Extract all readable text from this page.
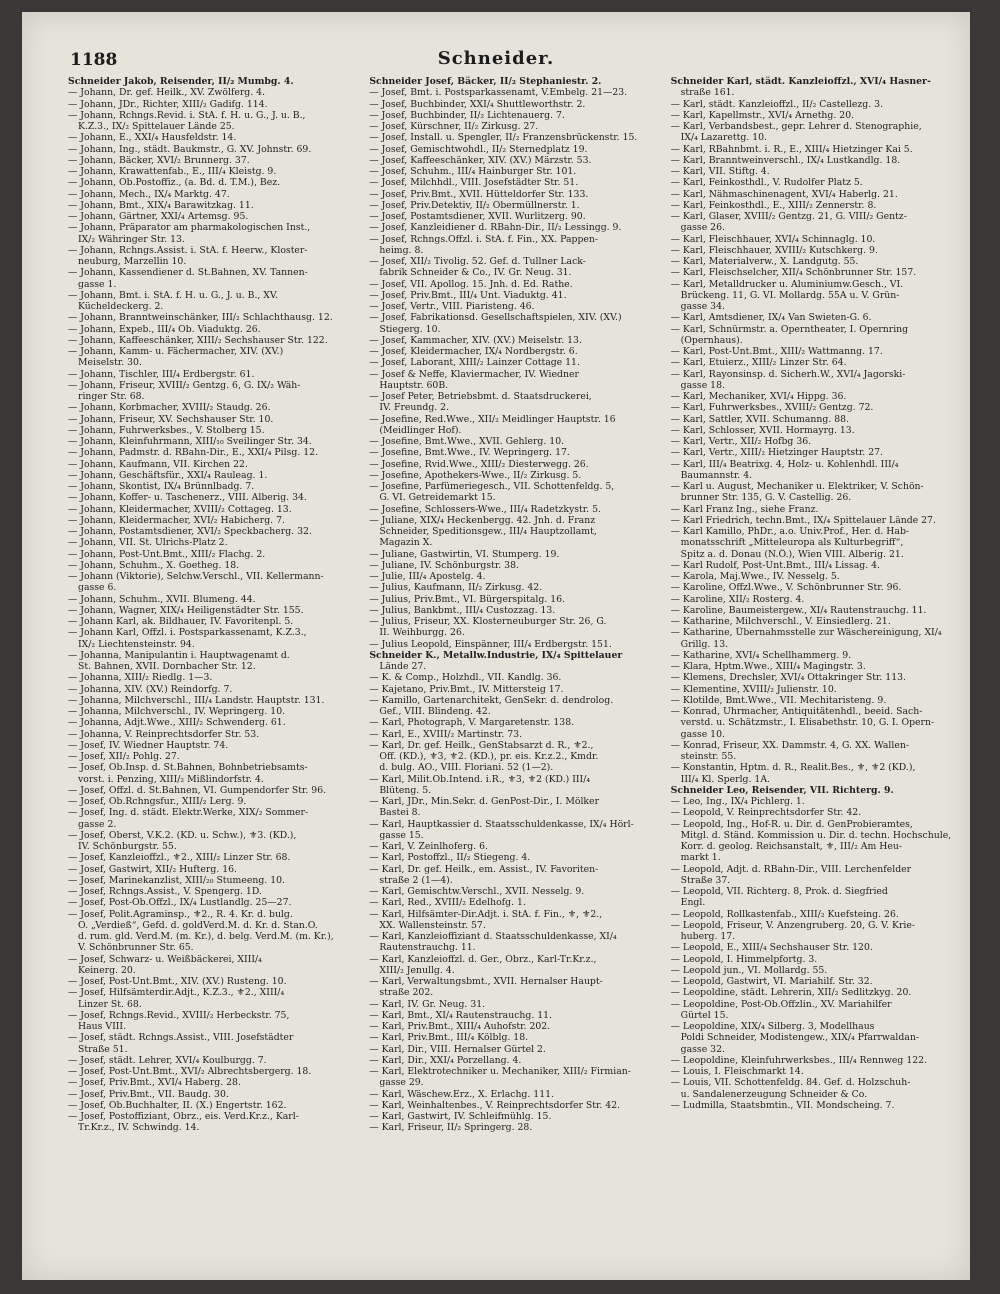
1188	Schneider.
Schneider Jakob, Reisender, II/₂ Mumbg. 4.
— Johann, Dr. gef. Heilk., XV. Zwölferg. 4.
— Johann, JDr., Richter, XIII/₂ Gadifg. 114.
— Johann, Rchngs.Revid. i. StA. f. H. u. G., J. u. B.,
K.Z.3., IX/₂ Spittelauer Lände 25.
— Johann, E., XXI/₄ Hausfeldstr. 14.
— Johann, Ing., städt. Baukmstr., G. XV. Johnstr. 69.
— Johann, Bäcker, XVI/₂ Brunnerg. 37.
— Johann, Krawattenfab., E., III/₄ Kleistg. 9.
— Johann, Ob.Postoffiz., (a. Bd. d. T.M.), Bez.
— Johann, Mech., IX/₄ Marktg. 47.
— Johann, Bmt., XIX/₄ Barawitzkag. 11.
— Johann, Gärtner, XXI/₄ Artemsg. 95.
— Johann, Präparator am pharmakologischen Inst.,
IX/₂ Währinger Str. 13.
— Johann, Rchngs.Assist. i. StA. f. Heerw., Kloster-
neuburg, Marzellin 10.
— Johann, Kassendiener d. St.Bahnen, XV. Tannen-
gasse 1.
— Johann, Bmt. i. StA. f. H. u. G., J. u. B., XV.
Kücheldeckerg. 2.
— Johann, Branntweinschänker, III/₂ Schlachthausg. 12.
— Johann, Expeb., III/₄ Ob. Viaduktg. 26.
— Johann, Kaffeeschänker, XIII/₂ Sechshauser Str. 122.
— Johann, Kamm- u. Fächermacher, XIV. (XV.)
Meiselstr. 30.
— Johann, Tischler, III/₄ Erdbergstr. 61.
— Johann, Friseur, XVIII/₂ Gentzg. 6, G. IX/₂ Wäh-
ringer Str. 68.
— Johann, Korbmacher, XVIII/₂ Staudg. 26.
— Johann, Friseur, XV. Sechshauser Str. 10.
— Johann, Fuhrwerksbes., V. Stolberg 15.
— Johann, Kleinfuhrmann, XIII/₁₀ Sveilinger Str. 34.
— Johann, Padmstr. d. RBahn-Dir., E., XXI/₄ Pilsg. 12.
— Johann, Kaufmann, VII. Kirchen 22.
— Johann, Geschäftsfür., XXI/₄ Rauleag. 1.
— Johann, Skontist, IX/₄ Brünnlbadg. 7.
— Johann, Koffer- u. Taschenerz., VIII. Alberig. 34.
— Johann, Kleidermacher, XVIII/₂ Cottageg. 13.
— Johann, Kleidermacher, XVI/₂ Habicherg. 7.
— Johann, Postamtsdiener, XVI/₂ Speckbacherg. 32.
— Johann, VII. St. Ulrichs-Platz 2.
— Johann, Post-Unt.Bmt., XIII/₂ Flachg. 2.
— Johann, Schuhm., X. Goetheg. 18.
— Johann (Viktorie), Selchw.Verschl., VII. Kellermann-
gasse 6.
— Johann, Schuhm., XVII. Blumeng. 44.
— Johann, Wagner, XIX/₄ Heiligenstädter Str. 155.
— Johann Karl, ak. Bildhauer, IV. Favoritenpl. 5.
— Johann Karl, Offzl. i. Postsparkassenamt, K.Z.3.,
IX/₂ Liechtensteinstr. 94.
— Johanna, Manipulantin i. Hauptwagenamt d.
St. Bahnen, XVII. Dornbacher Str. 12.
— Johanna, XIII/₂ Riedlg. 1—3.
— Johanna, XIV. (XV.) Reindorfg. 7.
— Johanna, Milchverschl., III/₄ Landstr. Hauptstr. 131.
— Johanna, Milchverschl., IV. Wepringerg. 10.
— Johanna, Adjt.Wwe., XIII/₂ Schwenderg. 61.
— Johanna, V. Reinprechtsdorfer Str. 53.
— Josef, IV. Wiedner Hauptstr. 74.
— Josef, XII/₂ Pohlg. 27.
— Josef, Ob.Insp. d. St.Bahnen, Bohnbetriebsamts-
vorst. i. Penzing, XIII/₂ Mißlindorfstr. 4.
— Josef, Offzl. d. St.Bahnen, VI. Gumpendorfer Str. 96.
— Josef, Ob.Rchngsfur., XIII/₂ Lerg. 9.
— Josef, Ing. d. städt. Elektr.Werke, XIX/₂ Sommer-
gasse 2.
— Josef, Oberst, V.K.2. (KD. u. Schw.), ⚜3. (KD.),
IV. Schönburgstr. 55.
— Josef, Kanzleioffzl., ⚜2., XIII/₂ Linzer Str. 68.
— Josef, Gastwirt, XII/₂ Hufterg. 16.
— Josef, Marinekanzlist, XIII/₂₀ Stumeeng. 10.
— Josef, Rchngs.Assist., V. Spengerg. 1D.
— Josef, Post-Ob.Offzl., IX/₄ Lustlandlg. 25—27.
— Josef, Polit.Agraminsp., ⚜2., R. 4. Kr. d. bulg.
O. „Verdieß“, Gefd. d. goldVerd.M. d. Kr. d. Stan.O.
d. rum. gld. Verd.M. (m. Kr.), d. belg. Verd.M. (m. Kr.),
V. Schönbrunner Str. 65.
— Josef, Schwarz- u. Weißbäckerei, XIII/₄
Keinerg. 20.
— Josef, Post-Unt.Bmt., XIV. (XV.) Rusteng. 10.
— Josef, Hilfsämterdir.Adjt., K.Z.3., ⚜2., XIII/₄
Linzer St. 68.
— Josef, Rchngs.Revid., XVIII/₂ Herbeckstr. 75,
Haus VIII.
— Josef, städt. Rchngs.Assist., VIII. Josefstädter
Straße 51.
— Josef, städt. Lehrer, XVI/₄ Koulburgg. 7.
— Josef, Post-Unt.Bmt., XVI/₂ Albrechtsbergerg. 18.
— Josef, Priv.Bmt., XVI/₄ Haberg. 28.
— Josef, Priv.Bmt., VII. Baudg. 30.
— Josef, Ob.Buchhalter, II. (X.) Engertstr. 162.
— Josef, Postoffiziant, Obrz., eis. Verd.Kr.z., Karl-
Tr.Kr.z., IV. Schwindg. 14.
Schneider Josef, Bäcker, II/₂ Stephaniestr. 2.
— Josef, Bmt. i. Postsparkassenamt, V.Embelg. 21—23.
— Josef, Buchbinder, XXI/₄ Shuttleworthstr. 2.
— Josef, Buchbinder, II/₂ Lichtenauerg. 7.
— Josef, Kürschner, II/₂ Zirkusg. 27.
— Josef, Install. u. Spengler, II/₂ Franzensbrückenstr. 15.
— Josef, Gemischtwohdl., II/₂ Sternedplatz 19.
— Josef, Kaffeeschänker, XIV. (XV.) Märzstr. 53.
— Josef, Schuhm., III/₄ Hainburger Str. 101.
— Josef, Milchhdl., VIII. Josefstädter Str. 51.
— Josef, Priv.Bmt., XVII. Hütteldorfer Str. 133.
— Josef, Priv.Detektiv, II/₂ Obermüllnerstr. 1.
— Josef, Postamtsdiener, XVII. Wurlitzerg. 90.
— Josef, Kanzleidiener d. RBahn-Dir., II/₂ Lessingg. 9.
— Josef, Rchngs.Offzl. i. StA. f. Fin., XX. Pappen-
heimg. 8.
— Josef, XII/₂ Tivolig. 52. Gef. d. Tullner Lack-
fabrik Schneider & Co., IV. Gr. Neug. 31.
— Josef, VII. Apollog. 15. Jnh. d. Ed. Rathe.
— Josef, Priv.Bmt., III/₄ Unt. Viaduktg. 41.
— Josef, Vertr., VIII. Piaristeng. 46.
— Josef, Fabrikationsd. Gesellschaftspielen, XIV. (XV.)
Stiegerg. 10.
— Josef, Kammacher, XIV. (XV.) Meiselstr. 13.
— Josef, Kleidermacher, IX/₄ Nordbergstr. 6.
— Josef, Laborant, XIII/₂ Lainzer Cottage 11.
— Josef & Neffe, Klaviermacher, IV. Wiedner
Hauptstr. 60B.
— Josef Peter, Betriebsbmt. d. Staatsdruckerei,
IV. Freundg. 2.
— Josefine, Red.Wwe., XII/₂ Meidlinger Hauptstr. 16
(Meidlinger Hof).
— Josefine, Bmt.Wwe., XVII. Gehlerg. 10.
— Josefine, Bmt.Wwe., IV. Wepringerg. 17.
— Josefine, Rvid.Wwe., XIII/₂ Diesterwegg. 26.
— Josefine, Apothekers-Wwe., II/₂ Zirkusg. 5.
— Josefine, Parfümeriegesch., VII. Schottenfeldg. 5,
G. VI. Getreidemarkt 15.
— Josefine, Schlossers-Wwe., III/₄ Radetzkystr. 5.
— Juliane, XIX/₄ Heckenbergg. 42. Jnh. d. Franz
Schneider, Speditionsgew., III/₄ Hauptzollamt,
Magazin X.
— Juliane, Gastwirtin, VI. Stumperg. 19.
— Juliane, IV. Schönburgstr. 38.
— Julie, III/₄ Apostelg. 4.
— Julius, Kaufmann, II/₂ Zirkusg. 42.
— Julius, Priv.Bmt., VI. Bürgerspitalg. 16.
— Julius, Bankbmt., III/₄ Custozzag. 13.
— Julius, Friseur, XX. Klosterneuburger Str. 26, G.
II. Weihburgg. 26.
— Julius Leopold, Einspänner, III/₄ Erdbergstr. 151.
Schneider K., Metallw.Industrie, IX/₄ Spittelauer
Lände 27.
— K. & Comp., Holzhdl., VII. Kandlg. 36.
— Kajetano, Priv.Bmt., IV. Mittersteig 17.
— Kamillo, Gartenarchitekt, GenSekr. d. dendrolog.
Gef., VIII. Blindeng. 42.
— Karl, Photograph, V. Margaretenstr. 138.
— Karl, E., XVIII/₂ Martinstr. 73.
— Karl, Dr. gef. Heilk., GenStabsarzt d. R., ⚜2.,
Off. (KD.), ⚜3, ⚜2. (KD.), pr. eis. Kr.z.2., Kmdr.
d. bulg. AO., VIII. Floriani. 52 (1—2).
— Karl, Milit.Ob.Intend. i.R., ⚜3, ⚜2 (KD.) III/₄
Blüteng. 5.
— Karl, JDr., Min.Sekr. d. GenPost-Dir., I. Mölker
Bastei 8.
— Karl, Hauptkassier d. Staatsschuldenkasse, IX/₄ Hörl-
gasse 15.
— Karl, V. Zeinlhoferg. 6.
— Karl, Postoffzl., II/₂ Stiegeng. 4.
— Karl, Dr. gef. Heilk., em. Assist., IV. Favoriten-
straße 2 (1—4).
— Karl, Gemischtw.Verschl., XVII. Nesselg. 9.
— Karl, Red., XVIII/₂ Edelhofg. 1.
— Karl, Hilfsämter-Dir.Adjt. i. StA. f. Fin., ⚜, ⚜2.,
XX. Wallensteinstr. 57.
— Karl, Kanzleioffiziant d. Staatsschuldenkasse, XI/₄
Rautenstrauchg. 11.
— Karl, Kanzleioffzl. d. Ger., Obrz., Karl-Tr.Kr.z.,
XIII/₂ Jenullg. 4.
— Karl, Verwaltungsbmt., XVII. Hernalser Haupt-
straße 202.
— Karl, IV. Gr. Neug. 31.
— Karl, Bmt., XI/₄ Rautenstrauchg. 11.
— Karl, Priv.Bmt., XIII/₄ Auhofstr. 202.
— Karl, Priv.Bmt., III/₄ Kölblg. 18.
— Karl, Dir., VIII. Hernalser Gürtel 2.
— Karl, Dir., XXI/₄ Porzellang. 4.
— Karl, Elektrotechniker u. Mechaniker, XIII/₂ Firmian-
gasse 29.
— Karl, Wäschew.Erz., X. Erlachg. 111.
— Karl, Weinhaltenbes., V. Reinprechtsdorfer Str. 42.
— Karl, Gastwirt, IV. Schleifmühlg. 15.
— Karl, Friseur, II/₂ Springerg. 28.
Schneider Karl, städt. Kanzleioffzl., XVI/₄ Hasner-
straße 161.
— Karl, städt. Kanzleioffzl., II/₂ Castellezg. 3.
— Karl, Kapellmstr., XVI/₄ Arnethg. 20.
— Karl, Verbandsbest., gepr. Lehrer d. Stenographie,
IX/₄ Lazarettg. 10.
— Karl, RBahnbmt. i. R., E., XIII/₄ Hietzinger Kai 5.
— Karl, Branntweinverschl., IX/₄ Lustkandlg. 18.
— Karl, VII. Stiftg. 4.
— Karl, Feinkosthdl., V. Rudolfer Platz 5.
— Karl, Nähmaschinenagent, XVI/₄ Haberlg. 21.
— Karl, Feinkosthdl., E., XIII/₂ Zennerstr. 8.
— Karl, Glaser, XVIII/₂ Gentzg. 21, G. VIII/₂ Gentz-
gasse 26.
— Karl, Fleischhauer, XVI/₄ Schinnaglg. 10.
— Karl, Fleischhauer, XVIII/₂ Kutschkerg. 9.
— Karl, Materialverw., X. Landgutg. 55.
— Karl, Fleischselcher, XII/₄ Schönbrunner Str. 157.
— Karl, Metalldrucker u. Aluminiumw.Gesch., VI.
Brückeng. 11, G. VI. Mollardg. 55A u. V. Grün-
gasse 34.
— Karl, Amtsdiener, IX/₄ Van Swieten-G. 6.
— Karl, Schnürmstr. a. Operntheater, I. Opernring
(Opernhaus).
— Karl, Post-Unt.Bmt., XIII/₂ Wattmanng. 17.
— Karl, Etuierz., XIII/₂ Linzer Str. 64.
— Karl, Rayonsinsp. d. Sicherh.W., XVI/₄ Jagorski-
gasse 18.
— Karl, Mechaniker, XVI/₄ Hippg. 36.
— Karl, Fuhrwerksbes., XVIII/₂ Gentzg. 72.
— Karl, Sattler, XVII. Schumanng. 88.
— Karl, Schlosser, XVII. Hormayrg. 13.
— Karl, Vertr., XII/₂ Hofbg 36.
— Karl, Vertr., XIII/₂ Hietzinger Hauptstr. 27.
— Karl, III/₄ Beatrixg. 4, Holz- u. Kohlenhdl. III/₄
Baumannstr. 4.
— Karl u. August, Mechaniker u. Elektriker, V. Schön-
brunner Str. 135, G. V. Castellig. 26.
— Karl Franz Ing., siehe Franz.
— Karl Friedrich, techn.Bmt., IX/₄ Spittelauer Lände 27.
— Karl Kamillo, PhDr., a.o. Univ.Prof., Her. d. Hab-
monatsschrift „Mitteleuropa als Kulturbegriff“,
Spitz a. d. Donau (N.Ö.), Wien VIII. Alberig. 21.
— Karl Rudolf, Post-Unt.Bmt., III/₄ Lissag. 4.
— Karola, Maj.Wwe., IV. Nesselg. 5.
— Karoline, Offzl.Wwe., V. Schönbrunner Str. 96.
— Karoline, XII/₂ Rosterg. 4.
— Karoline, Baumeistergew., XI/₄ Rautenstrauchg. 11.
— Katharine, Milchverschl., V. Einsiedlerg. 21.
— Katharine, Übernahmsstelle zur Wäschereinigung, XI/₄
Grillg. 13.
— Katharine, XVI/₄ Schellhammerg. 9.
— Klara, Hptm.Wwe., XIII/₄ Magingstr. 3.
— Klemens, Drechsler, XVI/₄ Ottakringer Str. 113.
— Klementine, XVIII/₂ Julienstr. 10.
— Klotilde, Bmt.Wwe., VII. Mechitaristeng. 9.
— Konrad, Uhrmacher, Antiquitätenhdl., beeid. Sach-
verstd. u. Schätzmstr., I. Elisabethstr. 10, G. I. Opern-
gasse 10.
— Konrad, Friseur, XX. Dammstr. 4, G. XX. Wallen-
steinstr. 55.
— Konstantin, Hptm. d. R., Realit.Bes., ⚜, ⚜2 (KD.),
III/₄ Kl. Sperlg. 1A.
Schneider Leo, Reisender, VII. Richterg. 9.
— Leo, Ing., IX/₄ Pichlerg. 1.
— Leopold, V. Reinprechtsdorfer Str. 42.
— Leopold, Ing., Hof-R. u. Dir. d. GenProbieramtes,
Mitgl. d. Ständ. Kommission u. Dir. d. techn. Hochschule,
Korr. d. geolog. Reichsanstalt, ⚜, III/₂ Am Heu-
markt 1.
— Leopold, Adjt. d. RBahn-Dir., VIII. Lerchenfelder
Straße 37.
— Leopold, VII. Richterg. 8, Prok. d. Siegfried
Engl.
— Leopold, Rollkastenfab., XIII/₂ Kuefsteing. 26.
— Leopold, Friseur, V. Anzengruberg. 20, G. V. Krie-
huberg. 17.
— Leopold, E., XIII/₄ Sechshauser Str. 120.
— Leopold, I. Himmelpfortg. 3.
— Leopold jun., VI. Mollardg. 55.
— Leopold, Gastwirt, VI. Mariahilf. Str. 32.
— Leopoldine, städt. Lehrerin, XII/₂ Sedlitzkyg. 20.
— Leopoldine, Post-Ob.Offzlin., XV. Mariahilfer
Gürtel 15.
— Leopoldine, XIX/₄ Silberg. 3, Modellhaus
Poldi Schneider, Modistengew., XIX/₄ Pfarrwaldan-
gasse 32.
— Leopoldine, Kleinfuhrwerksbes., III/₄ Rennweg 122.
— Louis, I. Fleischmarkt 14.
— Louis, VII. Schottenfeldg. 84. Gef. d. Holzschuh-
u. Sandalenerzeugung Schneider & Co.
— Ludmilla, Staatsbmtin., VII. Mondscheing. 7.
